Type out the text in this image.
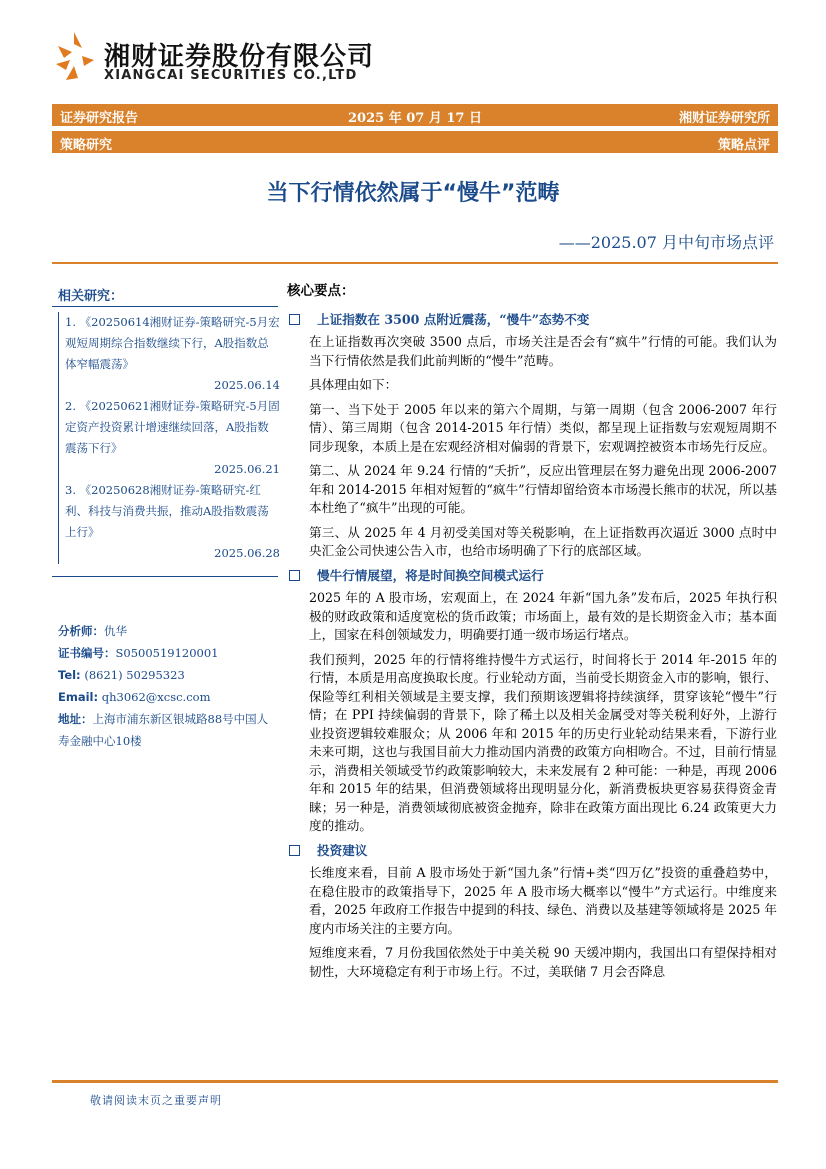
湘财证券股份有限公司
XIANGCAI SECURITIES CO.,LTD
证券研究报告	2025 年 07 月 17 日	湘财证券研究所
策略研究	策略点评
当下行情依然属于“慢牛”范畴
——2025.07 月中旬市场点评
相关研究：
1. 《20250614湘财证券-策略研究-5月宏观短周期综合指数继续下行，A股指数总体窄幅震荡》
2025.06.14
2. 《20250621湘财证券-策略研究-5月固定资产投资累计增速继续回落，A股指数震荡下行》
2025.06.21
3. 《20250628湘财证券-策略研究-红利、科技与消费共振，推动A股指数震荡上行》
2025.06.28
分析师：仇华
证书编号：S0500519120001
Tel: (8621) 50295323
Email: qh3062@xcsc.com
地址：上海市浦东新区银城路88号中国人寿金融中心10楼
核心要点：
上证指数在 3500 点附近震荡，“慢牛”态势不变

在上证指数再次突破 3500 点后，市场关注是否会有“疯牛”行情的可能。我们认为当下行情依然是我们此前判断的“慢牛”范畴。

具体理由如下：

第一、当下处于 2005 年以来的第六个周期，与第一周期（包含 2006-2007 年行情）、第三周期（包含 2014-2015 年行情）类似，都呈现上证指数与宏观短周期不同步现象，本质上是在宏观经济相对偏弱的背景下，宏观调控被资本市场先行反应。

第二、从 2024 年 9.24 行情的“夭折”，反应出管理层在努力避免出现 2006-2007 年和 2014-2015 年相对短暂的“疯牛”行情却留给资本市场漫长熊市的状况，所以基本杜绝了“疯牛”出现的可能。

第三、从 2025 年 4 月初受美国对等关税影响，在上证指数再次逼近 3000 点时中央汇金公司快速公告入市，也给市场明确了下行的底部区域。

慢牛行情展望，将是时间换空间模式运行

2025 年的 A 股市场，宏观面上，在 2024 年新“国九条”发布后，2025 年执行积极的财政政策和适度宽松的货币政策；市场面上，最有效的是长期资金入市；基本面上，国家在科创领域发力，明确要打通一级市场运行堵点。

我们预判，2025 年的行情将维持慢牛方式运行，时间将长于 2014 年-2015 年的行情，本质是用高度换取长度。行业轮动方面，当前受长期资金入市的影响，银行、保险等红利相关领域是主要支撑，我们预期该逻辑将持续演绎，贯穿该轮“慢牛”行情；在 PPI 持续偏弱的背景下，除了稀土以及相关金属受对等关税利好外，上游行业投资逻辑较难服众；从 2006 年和 2015 年的历史行业轮动结果来看，下游行业未来可期，这也与我国目前大力推动国内消费的政策方向相吻合。不过，目前行情显示，消费相关领域受节约政策影响较大，未来发展有 2 种可能：一种是，再现 2006 年和 2015 年的结果，但消费领域将出现明显分化，新消费板块更容易获得资金青睐；另一种是，消费领域彻底被资金抛弃，除非在政策方面出现比 6.24 政策更大力度的推动。

投资建议

长维度来看，目前 A 股市场处于新“国九条”行情+类“四万亿”投资的重叠趋势中，在稳住股市的政策指导下，2025 年 A 股市场大概率以“慢牛”方式运行。中维度来看，2025 年政府工作报告中提到的科技、绿色、消费以及基建等领域将是 2025 年度内市场关注的主要方向。

短维度来看，7 月份我国依然处于中美关税 90 天缓冲期内，我国出口有望保持相对韧性，大环境稳定有利于市场上行。不过，美联储 7 月会否降息

敬请阅读末页之重要声明
